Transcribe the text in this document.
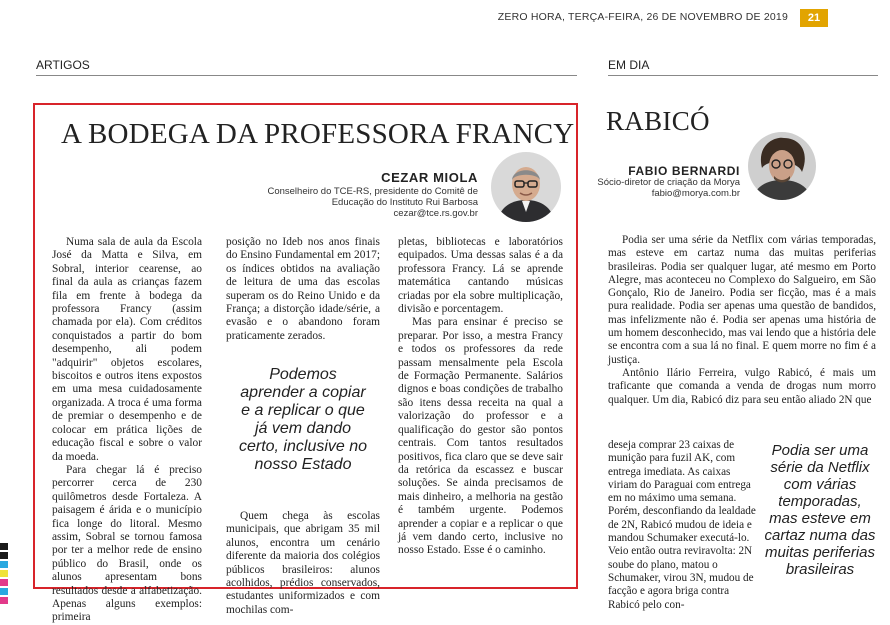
ZERO HORA, TERÇA-FEIRA, 26 DE NOVEMBRO DE 2019	21
ARTIGOS	EM DIA
A BODEGA DA PROFESSORA FRANCY
CEZAR MIOLA
Conselheiro do TCE-RS, presidente do Comitê de
Educação do Instituto Rui Barbosa
cezar@tce.rs.gov.br

Numa sala de aula da Escola José da Matta e Silva, em Sobral, interior cearense, ao final da aula as crianças fazem fila em frente à bodega da professora Francy (assim chamada por ela). Com créditos conquistados a partir do bom desempenho, ali podem "adquirir" objetos escolares, biscoitos e outros itens expostos em uma mesa cuidadosamente organizada. A troca é uma forma de premiar o desempenho e de colocar em prática lições de educação fiscal e sobre o valor da moeda.

Para chegar lá é preciso percorrer cerca de 230 quilômetros desde Fortaleza. A paisagem é árida e o município fica longe do litoral. Mesmo assim, Sobral se tornou famosa por ter a melhor rede de ensino público do Brasil, onde os alunos apresentam bons resultados desde a alfabetização. Apenas alguns exemplos: primeira

posição no Ideb nos anos finais do Ensino Fundamental em 2017; os índices obtidos na avaliação de leitura de uma das escolas superam os do Reino Unido e da França; a distorção idade/série, a evasão e o abandono foram praticamente zerados.

Podemos aprender a copiar e a replicar o que já vem dando certo, inclusive no nosso Estado

Quem chega às escolas municipais, que abrigam 35 mil alunos, encontra um cenário diferente da maioria dos colégios públicos brasileiros: alunos acolhidos, prédios conservados, estudantes uniformizados e com mochilas com-

pletas, bibliotecas e laboratórios equipados. Uma dessas salas é a da professora Francy. Lá se aprende matemática cantando músicas criadas por ela sobre multiplicação, divisão e porcentagem.

Mas para ensinar é preciso se preparar. Por isso, a mestra Francy e todos os professores da rede passam mensalmente pela Escola de Formação Permanente. Salários dignos e boas condições de trabalho são itens dessa receita na qual a valorização do professor e a qualificação do gestor são pontos centrais. Com tantos resultados positivos, fica claro que se deve sair da retórica da escassez e buscar soluções. Se ainda precisamos de mais dinheiro, a melhoria na gestão é também urgente. Podemos aprender a copiar e a replicar o que já vem dando certo, inclusive no nosso Estado. Esse é o caminho.

RABICÓ
FABIO BERNARDI
Sócio-diretor de criação da Morya
fabio@morya.com.br

Podia ser uma série da Netflix com várias temporadas, mas esteve em cartaz numa das muitas periferias brasileiras. Podia ser qualquer lugar, até mesmo em Porto Alegre, mas aconteceu no Complexo do Salgueiro, em São Gonçalo, Rio de Janeiro. Podia ser ficção, mas é a mais pura realidade. Podia ser apenas uma questão de bandidos, mas infelizmente não é. Podia ser apenas uma história de um homem desconhecido, mas vai lendo que a história dele se encontra com a sua lá no final. E quem morre no fim é a justiça.

Antônio Ilário Ferreira, vulgo Rabicó, é mais um traficante que comanda a venda de drogas num morro qualquer. Um dia, Rabicó diz para seu então aliado 2N que

deseja comprar 23 caixas de munição para fuzil AK, com entrega imediata. As caixas viriam do Paraguai com entrega em no máximo uma semana. Porém, desconfiando da lealdade de 2N, Rabicó mudou de ideia e mandou Schumaker executá-lo. Veio então outra reviravolta: 2N soube do plano, matou o Schumaker, virou 3N, mudou de facção e agora briga contra Rabicó pelo con-

Podia ser uma série da Netflix com várias temporadas, mas esteve em cartaz numa das muitas periferias brasileiras
